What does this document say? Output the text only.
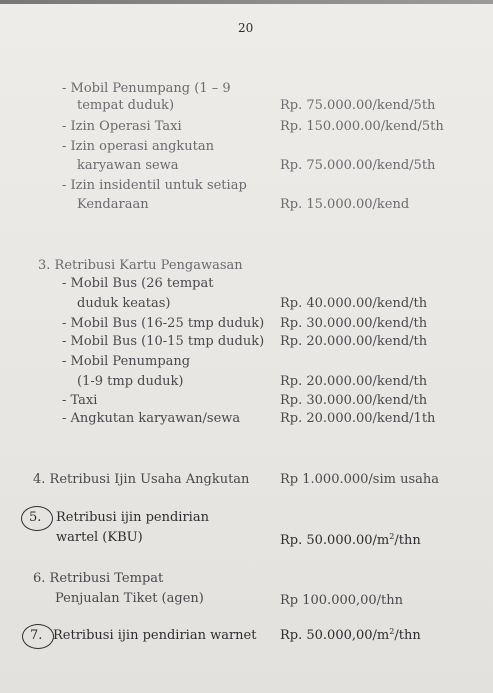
20
- Mobil Penumpang (1 – 9
tempat duduk)	Rp. 75.000.00/kend/5th
- Izin Operasi Taxi	Rp. 150.000.00/kend/5th
- Izin operasi angkutan
karyawan sewa	Rp. 75.000.00/kend/5th
- Izin insidentil untuk setiap
Kendaraan	Rp. 15.000.00/kend
3. Retribusi Kartu Pengawasan
- Mobil Bus (26 tempat
duduk keatas)	Rp. 40.000.00/kend/th
- Mobil Bus (16-25 tmp duduk) Rp. 30.000.00/kend/th
- Mobil Bus (10-15 tmp duduk) Rp. 20.000.00/kend/th
- Mobil Penumpang
(1-9 tmp duduk)	Rp. 20.000.00/kend/th
- Taxi	Rp. 30.000.00/kend/th
- Angkutan karyawan/sewa	Rp. 20.000.00/kend/1th
4. Retribusi Ijin Usaha Angkutan Rp 1.000.000/sim usaha
5. Retribusi ijin pendirian
wartel (KBU)	Rp. $50.000.00/m^2$/thn
6. Retribusi Tempat
Penjualan Tiket (agen)	Rp 100.000,00/thn
7. Retribusi ijin pendirian warnet Rp. $50.000,00/m^2$/thn
